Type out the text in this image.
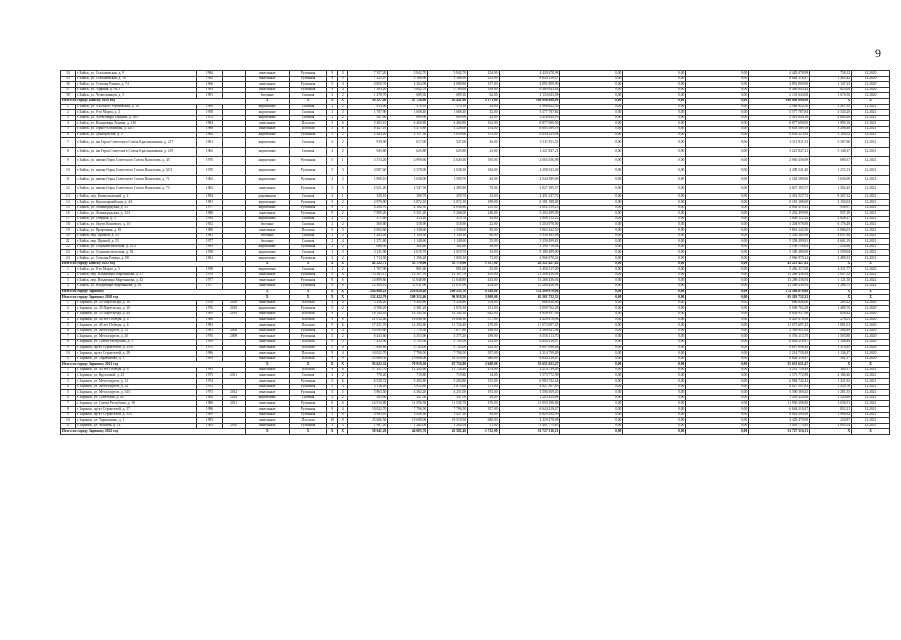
9
34	г. Бийск, ул. Стахановская, д. 9	1984		панельные	Рулонная	9	3	7 357,20	5 842,70	5 842,70	254,00	4 420 478,98	0,00	0,00	0,00	4 429 478,98	758,12	12.2020
35	г. Бийск, ул. Стахановская, д. 10	1992		панельные	Рулонная	9	5	7 225,47	5 168,90	5 168,90	235,00	6 644 218,47	0,00	0,00	0,00	6 644 218,47	1 285,42	12.2020
36	г. Бийск, ул. Степана Разина, д. 74	1966		панельные	Рулонная	5	4	4 850,70	4 264,00	4 088,80	157,00	4 891 809,90	0,00	0,00	0,00	4 891 809,90	1 147,23	12.2020
37	г. Бийск, ул. Ударная, д. 92/1	1993		панельные	Рулонная	9	4	7 583,20	5 842,70	5 789,60	359,00	6 469 643,44	0,00	0,00	0,00	6 469 643,44	825,04	12.2020
38	г. Бийск, ул. Челюскинцев, д. 5	1991		блочные	Скатная	3	2	1 278,70	689,30	689,30	62,00	2 133 643,08	0,00	0,00	0,00	2 133 643,08	1 670,56	12.2020
Итого по городу Бийску 2020 год				X	X	X	X	58 327,40	47 726,60	45 441,90	2 171,00	100 890 898,99	0,00	0,00	0,00	100 890 898,99	X	X
1	г. Бийск, ул. 4-я Мало-Угреневская, д. 14	1989		кирпичные	Скатная	2	2	813,00	570,10	570,10	29,00	2 968 822,50	0,00	0,00	0,00	2 968 822,50	5 207,55	12.2021
2	г. Бийск, ул. 8-го Марта, д. 3	1958		кирпичные	Скатная	3	3	1 767,90	1 668,40	1 668,40	52,00	5 577 787,84	0,00	0,00	0,00	5 577 787,84	3 343,20	12.2021
3	г. Бийск, ул. Александра Герцена, д. 163	1972		кирпичные	Скатная	2	2	947,80	699,90	699,90	42,00	3 418 644,16	0,00	0,00	0,00	3 418 644,16	4 884,48	12.2021
4	г. Бийск, ул. Владимира Ленина, д. 230	1984		панельные	Плоская	5	6	5 403,10	4 460,80	4 460,80	162,00	8 877 690,00	0,00	0,00	0,00	8 877 690,00	1 990,16	12.2021
5	г. Бийск, ул. Горно-Алтайская, д. 42/1	1986		панельные	Плоская	5	6	6 447,10	5 475,80	5 328,60	154,00	6 603 569,18	0,00	0,00	0,00	6 603 569,18	1 206,40	12.2021
6	г. Бийск, ул. Декабристов, д. 9	1964		кирпичные	Рулонная	5	2	2 264,20	2 137,30	1 659,60	113,00	6 634 223,94	0,00	0,00	0,00	6 634 223,94	3 104,02	12.2021
7	г. Бийск, ул. им Героя Советского Союза Красильникова, д. 217	1961		кирпичные	Скатная	2	2	919,90	617,00	547,00	26,00	3 311 811,53	0,00	0,00	0,00	3 311 811,53	5 367,60	12.2021
8	г. Бийск, ул. им Героя Советского Союза Красильникова, д. 219	1962		кирпичные	Скатная	2	2	945,80	625,80	625,80	23,00	3 221 847,21	0,00	0,00	0,00	3 221 847,21	5 148,37	12.2021
9	г. Бийск, ул. имени Героя Советского Союза Васильева, д. 45	1970		кирпичные	Рулонная	5	1	3 374,20	2 990,60	2 620,30	195,00	2 065 456,99	0,00	0,00	0,00	2 065 456,99	689,37	12.2021
10	г. Бийск, ул. имени Героя Советского Союза Васильева, д. 65/1	1970		кирпичные	Рулонная	5	3	4 087,60	3 379,00	3 038,30	184,00	4 298 541,40	0,00	0,00	0,00	4 298 541,40	1 272,13	12.2021
11	г. Бийск, ул. имени Героя Советского Союза Васильева, д. 71	1962		кирпичные	Рулонная	4	2	1 896,10	1 638,00	1 509,70	64,00	2 544 589,06	0,00	0,00	0,00	2 544 589,06	1 636,08	12.2021
12	г. Бийск, ул. имени Героя Советского Союза Васильева, д. 73	1962		панельные	Рулонная	5	3	2 921,20	2 547,30	2 485,80	78,00	3 827 185,57	0,00	0,00	0,00	3 827 185,57	1 502,45	12.2021
13	г. Бийск, пер. Коммунальный, д. 2	1894		деревянные	Скатная	2	1	329,10	298,70	259,70	23,00	2 451 527,72	0,00	0,00	0,00	2 451 527,72	8 207,32	12.2021
14	г. Бийск, ул. Красноармейская, д. 4А	1981		кирпичные	Рулонная	5	2	2 976,00	2 872,10	2 872,10	189,00	6 181 188,00	0,00	0,00	0,00	6 181 188,00	2 154,02	12.2021
15	г. Бийск, ул. Ленинградская, д. 33	1977		кирпичные	Рулонная	9	1	4 290,70	4 182,30	4 036,80	235,00	4 002 319,23	0,00	0,00	0,00	4 002 319,23	956,97	12.2021
16	г. Бийск, ул. Ленинградская, д. 33/1	1988		панельные	Рулонная	9	2	7 909,20	5 551,20	5 266,00	240,00	5 202 499,99	0,00	0,00	0,00	5 202 499,99	937,18	12.2021
17	г. Бийск, ул. Озерная, д. 3	1930		кирпичные	Скатная	2	1	371,40	333,20	313,70	24,00	1 608 112,22	0,00	0,00	0,00	1 608 112,22	4 826,27	12.2021
18	г. Бийск, ул. Оцеги Кошевого, д. 10	1952		блочные	Скатная	2	2	560,80	518,90	518,90	22,00	3 204 978,90	0,00	0,00	0,00	3 204 978,90	6 176,49	12.2021
19	г. Бийск, ул. Приречная, д. 81	1980		панельные	Плоская	5	3	2 002,60	1 338,60	1 338,60	50,00	3 863 242,50	0,00	0,00	0,00	3 863 242,50	2 886,03	12.2021
20	г. Бийск, пер. Прямой, д. 23	1981		блочные	Скатная	2	2	1 285,20	1 149,30	1 149,30	60,00	5 330 385,96	0,00	0,00	0,00	5 330 385,96	4 637,94	12.2021
21	г. Бийск, пер. Прямой, д. 25	1977		блочные	Скатная	2	4	1 271,60	1 149,60	1 149,60	55,00	5 358 499,81	0,00	0,00	0,00	5 358 499,81	4 661,19	12.2021
22	г. Бийск, ул. Социалистическая, д. 21/2	1993		кирпичные	Рулонная	2	2	688,50	302,80	302,80	26,00	2 190 716,04	0,00	0,00	0,00	2 190 716,04	7 234,86	12.2021
23	г. Бийск, ул. Социалистическая, д. 92	1958		кирпичные	Скатная	3	3	3 141,90	2 019,70	2 019,70	54,00	5 180 289,00	0,00	0,00	0,00	5 180 289,00	2 559,04	12.2021
24	г. Бийск, ул. Степана Разина, д. 98	1961		кирпичные	Рулонная	3	2	1 714,50	1 196,20	1 000,30	71,00	2 966 970,24	0,00	0,00	0,00	2 966 970,24	2 480,33	12.2021
Итого по городу Бийску 2022 год				X	X	X	X	42 222,71	35 770,00	35 779,00	1 357,00	43 221 427,82	0,00	0,00	0,00	43 221 427,82	X	X
1	г. Бийск, ул. 8-го Марта, д. 5	1958		кирпичные	Скатная	3	2	1 767,90	801,60	801,60	25,00	3 456 317,00	0,00	0,00	0,00	3 456 317,00	4 311,77	12.2022
2	г. Бийск, пер. Владимира Мартьянова, д. 37	1976		панельные	Рулонная	9	6	13 281,11	12 107,70	12 107,70	455,00	13 288 436,94	0,00	0,00	0,00	13 288 436,94	1 097,52	12.2022
3	г. Бийск, пер. Владимира Мартьянова, д. 45	1977		панельные	Рулонная	9	6	14 889,60	11 848,80	11 848,80	445,00	13 288 436,94	0,00	0,00	0,00	13 288 436,94	1 121,50	12.2022
4	г. Бийск, ул. Владимира Мартьянова, д. 59	1977		панельные	Рулонная	9	6	12 304,10	11 011,90	11 011,90	434,00	13 288 436,94	0,00	0,00	0,00	13 288 436,94	1 206,73	12.2022
Итого по городу Заринску				X	X	X	X	284 086,22	216 028,48	208 255,70	8 349,00	174 580 670,00	0,00	0,00	0,00	174 580 670,00	X	X
Итого по городу Заринску 2020 год				X	X	X	X	132 422,70	100 312,46	96 918,50	3 969,00	65 201 732,32	0,00	0,00	0,00	65 201 732,32	X	X
1	г. Заринск, ул. 25 Партсъезда, д. 18	1978	2018	панельные	Плоская	5	4	3 256,20	3 282,80	3 228,80	159,00	686 828,00	0,00	0,00	0,00	686 828,00	209,22	12.2020
2	г. Заринск, ул. 25 Партсъезда, д. 20	1976	2010	кирпичные	Рулонная	5	2	4 768,20	3 381,20	2 874,30	121,00	5 000 762,28	0,00	0,00	0,00	5 000 762,28	1 480,76	12.2020
3	г. Заринск, ул. 25 Партсъезда, д. 44	1993	2019	панельные	Плоская	9	7	18 762,10	14 142,30	14 142,30	642,00	8 858 957,96	0,00	0,00	0,00	8 858 957,96	626,42	12.2020
4	г. Заринск, ул. 40 лет Победы, д. 4	1980		панельные	Плоская	9	8	21 012,40	16 048,30	16 048,30	577,00	4 429 478,98	0,00	0,00	0,00	4 429 478,98	276,01	12.2020
5	г. Заринск, ул. 40 лет Победы, д. 6	1993		панельные	Плоская	9	6	17 251,70	12 292,60	11 724,40	479,00	11 073 697,45	0,00	0,00	0,00	11 073 697,45	1 081,01	12.2020
6	г. Заринск, ул. Металлургов, д. 13	1981	2009	панельные	Рулонная	9	4	10 095,60	7 776,30	7 677,80	288,00	4 389 621,04	0,00	0,00	0,00	4 389 621,04	564,49	12.2020
7	г. Заринск, ул. Металлургов, д. 20	1976	2009	панельные	Рулонная	5	2	6 443,60	4 353,90	3 375,20	189,00	6 556 113,70	0,00	0,00	0,00	6 556 113,70	1 505,80	12.2020
8	г. Заринск, ул. Союза Республик, д. 1	1995		панельные	Плоская	9	3	7 452,90	5 795,50	5 795,50	235,00	6 644 218,47	0,00	0,00	0,00	6 644 218,47	1 146,44	12.2020
9	г. Заринск, пр-кт Строителей, д. 25/6	1975		панельные	Плоская	5	8	7 840,80	5 745,00	5 745,00	242,00	8 697 096,48	0,00	0,00	0,00	8 697 096,48	1 513,85	12.2020
10	г. Заринск, пр-кт Строителей, д. 28	1996		панельные	Плоская	9	4	10 022,70	7 796,50	7 796,50	357,00	2 214 739,49	0,00	0,00	0,00	2 214 739,49	1 136,27	12.2020
11	г. Заринск, ул. Таратынова, д. 1	1993		панельные	Плоская	9	9	25 606,50	19 698,06	18 510,90	680,00	6 644 218,47	0,00	0,00	0,00	6 644 218,47	562,17	12.2020
Итого по городу Заринску 2021 год				X	X	X	X	93 622,32	70 910,36	67 754,80	2 648,00	55 651 621,47	0,00	0,00	0,00	55 651 621,47	X	X
1	г. Заринск, ул. 40 лет Победы, д. 6	1993		панельные	Плоская	9	6	17 251,70	12 292,60	11 724,40	479,00	2 214 739,49	0,00	0,00	0,00	2 214 739,49	180,17	12.2021
2	г. Заринск, ул. Кругловой, д. 23	1975	2011	панельные	Скатная	2	2	778,20	719,80	719,80	34,00	1 573 772,98	0,00	0,00	0,00	1 573 772,98	2 186,40	12.2021
3	г. Заринск, ул. Металлургов, д. 12	1974		панельные	Рулонная	5	6	6 528,72	5 283,80	5 283,80	155,00	6 984 742,44	0,00	0,00	0,00	6 984 742,44	1 321,92	12.2021
4	г. Заринск, ул. Металлургов, д. 14	1975		панельные	Рулонная	5	4	5 116,20	3 912,80	3 675,60	111,00	4 827 507,83	0,00	0,00	0,00	4 827 507,83	1 233,76	12.2021
5	г. Заринск, ул. Металлургов, д. 14/1	1973	2012	панельные	Рулонная	5	5	5 863,50	4 362,20	4 251,00	193,00	5 590 369,45	0,00	0,00	0,00	5 590 369,45	1 281,55	12.2021
6	г. Заринск, ул. Советская, д. 20	1962	2016	кирпичные	Скатная	2	2	385,60	347,50	347,50	28,00	1 203 424,68	0,00	0,00	0,00	1 203 424,68	3 520,88	12.2021
7	г. Заринск, ул. Союза Республик, д. 18	1980	2011	панельные	Рулонная	9	6	14 914,80	11 596,50	11 545,70	476,00	11 950 296,80	0,00	0,00	0,00	11 950 296,80	1 030,51	12.2021
8	г. Заринск, пр-кт Строителей, д. 27	1996		панельные	Рулонная	9	4	10 022,70	7 796,50	7 796,50	357,00	6 644 218,47	0,00	0,00	0,00	6 644 218,47	852,21	12.2021
9	г. Заринск, пр-кт Строителей, д. 35/1	1995		панельные	Рулонная	5	6	4 985,10	3 438,30	3 437,30	84,00	6 829 294,50	0,00	0,00	0,00	6 829 294,50	1 986,82	12.2021
10	г. Заринск, ул. Таратынова, д. 1	1993		панельные	Плоская	10	9	25 606,50	19 698,06	18 510,90	680,00	4 429 478,98	0,00	0,00	0,00	4 429 478,98	224,87	12.2021
11	г. Заринск, ул. Чкалова, д. 14	1982	2010	панельные	Рулонная	3	3	1 967,20	1 262,00	1 262,00	51,00	3 401 775,85	0,00	0,00	0,00	3 401 775,85	2 695,54	12.2021
Итого по городу Заринску 2022 год				X	X	X	X	58 041,20	44 005,76	43 582,40	1 732,00	53 727 316,21	0,00	0,00	0,00	53 727 316,21	X	X
